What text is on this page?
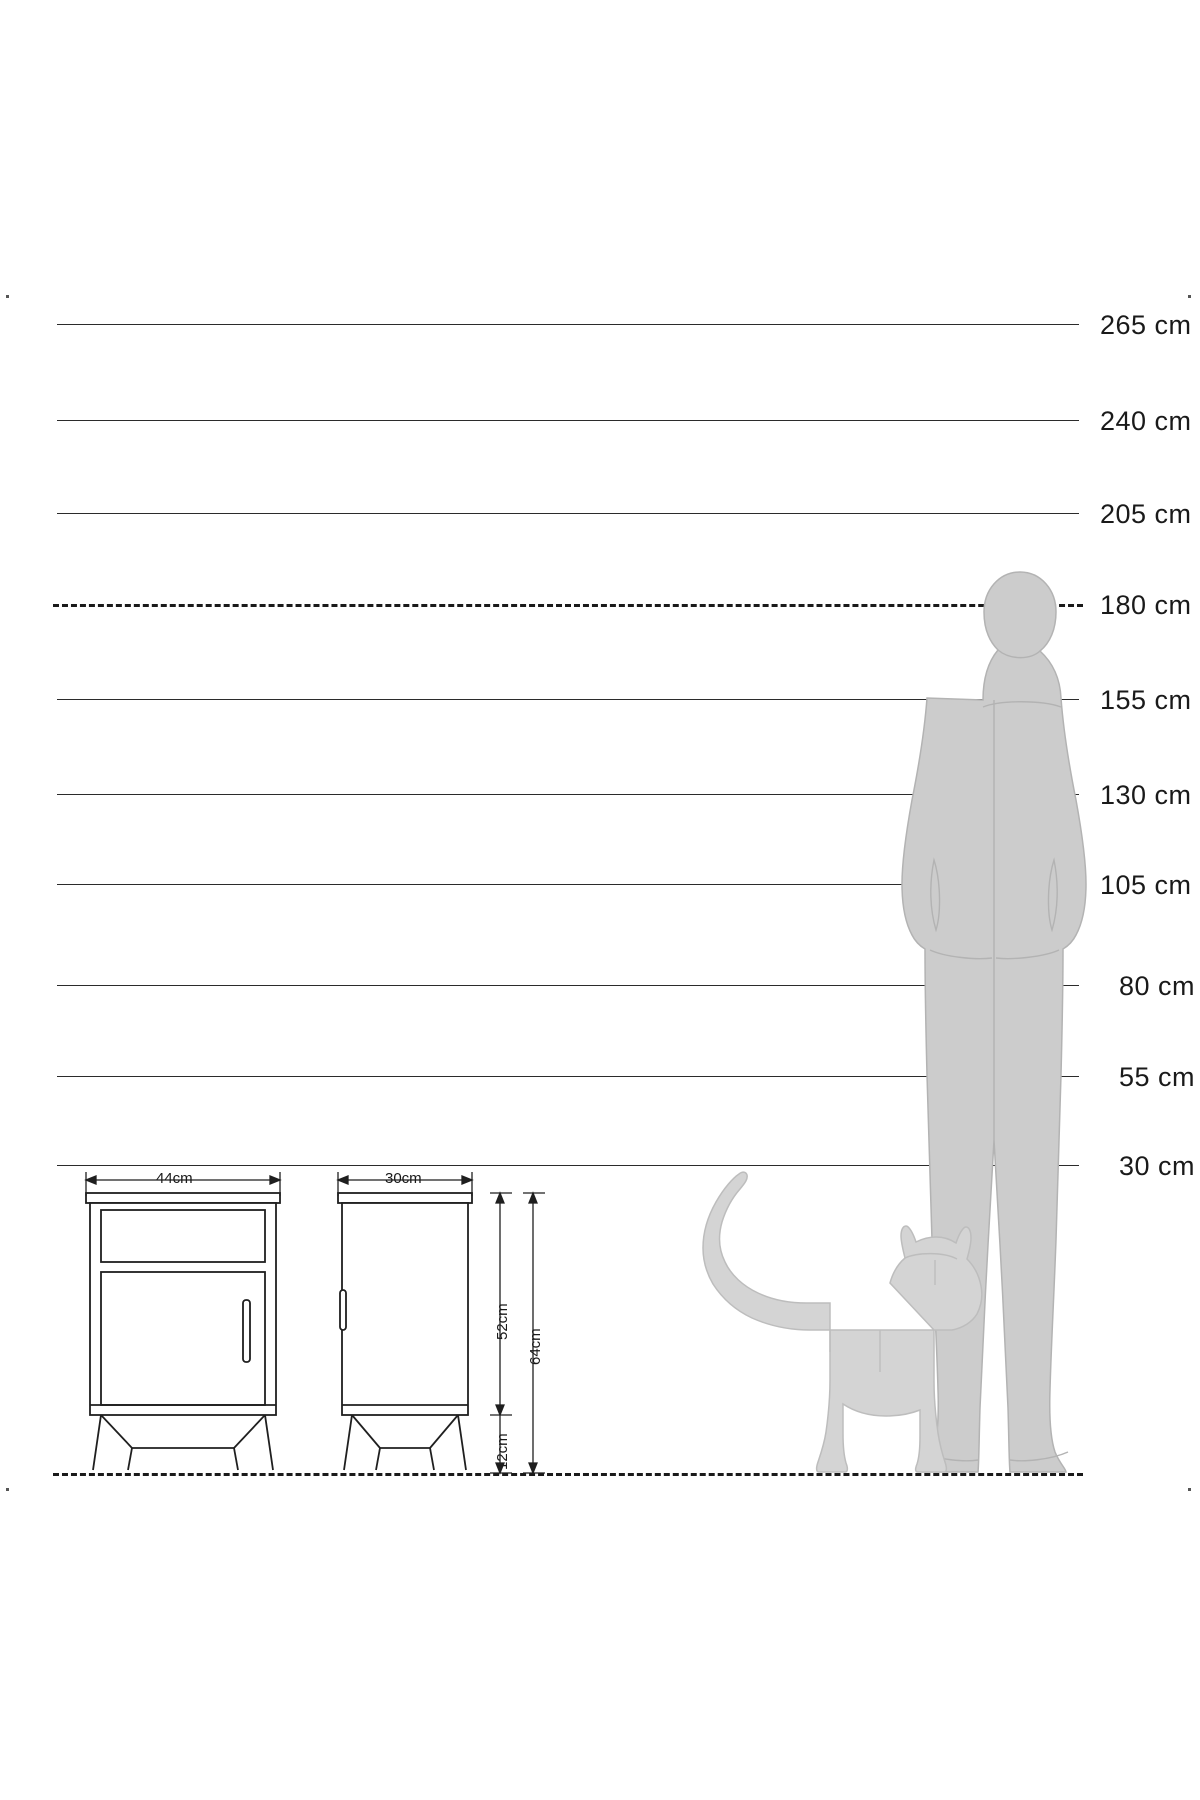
265 cm
240 cm
205 cm
180 cm
155 cm
130 cm
105 cm
80 cm
55 cm
30 cm
44cm	30cm
52cm
12cm
64cm
